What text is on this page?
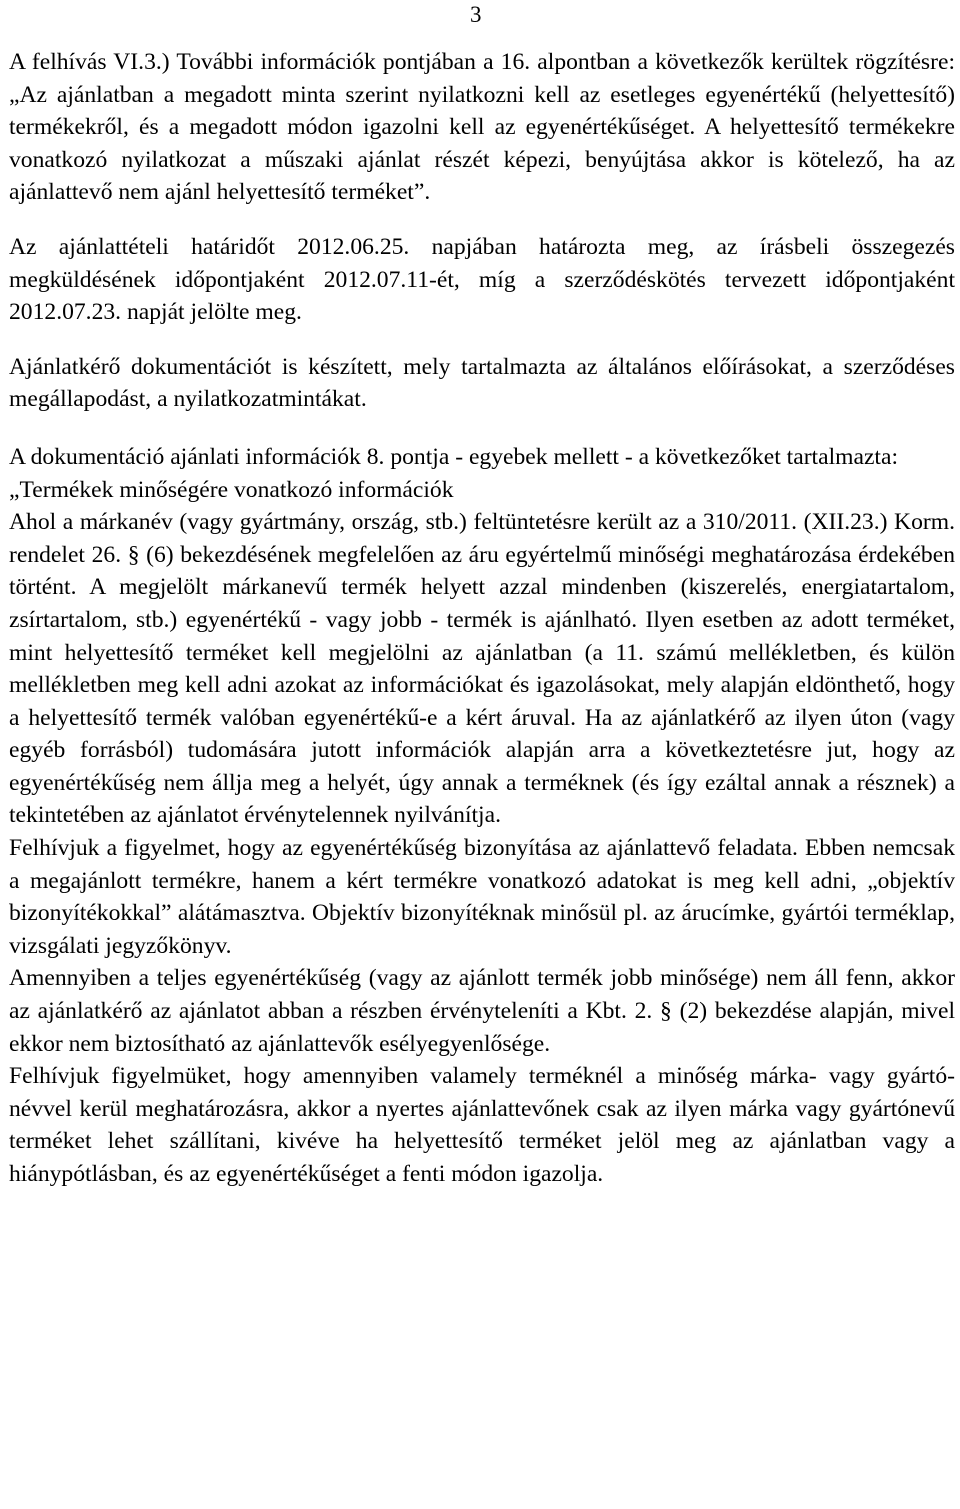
3

A felhívás VI.3.) További információk pontjában a 16. alpontban a következők kerültek rögzítésre: „Az ajánlatban a megadott minta szerint nyilatkozni kell az esetleges egyenértékű (helyettesítő) termékekről, és a megadott módon igazolni kell az egyenértékűséget. A helyettesítő termékekre vonatkozó nyilatkozat a műszaki ajánlat részét képezi, benyújtása akkor is kötelező, ha az ajánlattevő nem ajánl helyettesítő terméket”.

Az ajánlattételi határidőt 2012.06.25. napjában határozta meg, az írásbeli összegezés megküldésének időpontjaként 2012.07.11-ét, míg a szerződéskötés tervezett időpontjaként 2012.07.23. napját jelölte meg.

Ajánlatkérő dokumentációt is készített, mely tartalmazta az általános előírásokat, a szerződéses megállapodást, a nyilatkozatmintákat.

A dokumentáció ajánlati információk 8. pontja - egyebek mellett - a következőket tartalmazta:

„Termékek minőségére vonatkozó információk

Ahol a márkanév (vagy gyártmány, ország, stb.) feltüntetésre került az a 310/2011. (XII.23.) Korm. rendelet 26. § (6) bekezdésének megfelelően az áru egyértelmű minőségi meghatározása érdekében történt. A megjelölt márkanevű termék helyett azzal mindenben (kiszerelés, energiatartalom, zsírtartalom, stb.) egyenértékű - vagy jobb - termék is ajánlható. Ilyen esetben az adott terméket, mint helyettesítő terméket kell megjelölni az ajánlatban (a 11. számú mellékletben, és külön mellékletben meg kell adni azokat az információkat és igazolásokat, mely alapján eldönthető, hogy a helyettesítő termék valóban egyenértékű-e a kért áruval. Ha az ajánlatkérő az ilyen úton (vagy egyéb forrásból) tudomására jutott információk alapján arra a következtetésre jut, hogy az egyenértékűség nem állja meg a helyét, úgy annak a terméknek (és így ezáltal annak a résznek) a tekintetében az ajánlatot érvénytelennek nyilvánítja.

Felhívjuk a figyelmet, hogy az egyenértékűség bizonyítása az ajánlattevő feladata. Ebben nemcsak a megajánlott termékre, hanem a kért termékre vonatkozó adatokat is meg kell adni, „objektív bizonyítékokkal” alátámasztva. Objektív bizonyítéknak minősül pl. az árucímke, gyártói terméklap, vizsgálati jegyzőkönyv.

Amennyiben a teljes egyenértékűség (vagy az ajánlott termék jobb minősége) nem áll fenn, akkor az ajánlatkérő az ajánlatot abban a részben érvényteleníti a Kbt. 2. § (2) bekezdése alapján, mivel ekkor nem biztosítható az ajánlattevők esélyegyenlősége.

Felhívjuk figyelmüket, hogy amennyiben valamely terméknél a minőség márka- vagy gyártó-névvel kerül meghatározásra, akkor a nyertes ajánlattevőnek csak az ilyen márka vagy gyártónevű terméket lehet szállítani, kivéve ha helyettesítő terméket jelöl meg az ajánlatban vagy a hiánypótlásban, és az egyenértékűséget a fenti módon igazolja.
